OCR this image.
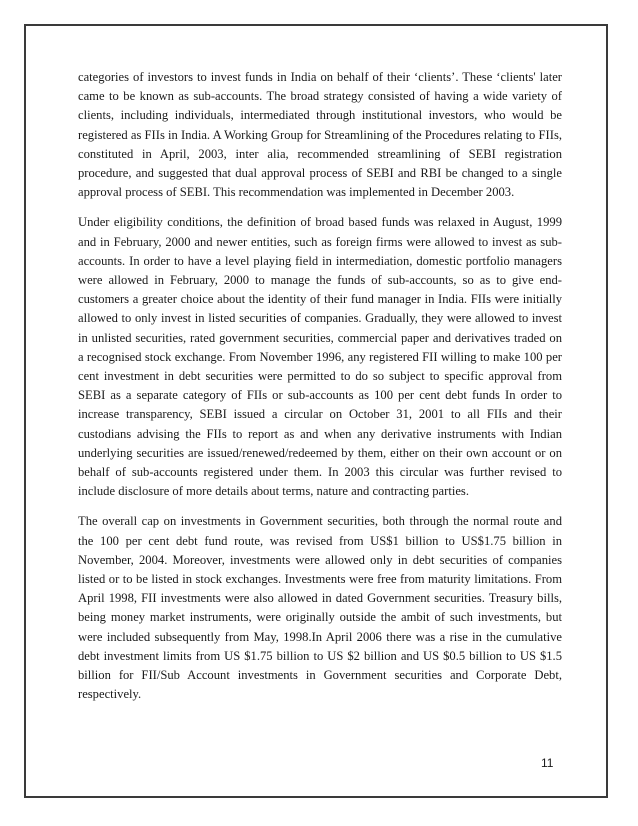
categories of investors to invest funds in India on behalf of their ‘clients’. These ‘clients' later came to be known as sub-accounts. The broad strategy consisted of having a wide variety of clients, including individuals, intermediated through institutional investors, who would be registered as FIIs in India. A Working Group for Streamlining of the Procedures relating to FIIs, constituted in April, 2003, inter alia, recommended streamlining of SEBI registration procedure, and suggested that dual approval process of SEBI and RBI be changed to a single approval process of SEBI. This recommendation was implemented in December 2003.

Under eligibility conditions, the definition of broad based funds was relaxed in August, 1999 and in February, 2000 and newer entities, such as foreign firms were allowed to invest as sub-accounts. In order to have a level playing field in intermediation, domestic portfolio managers were allowed in February, 2000 to manage the funds of sub-accounts, so as to give end-customers a greater choice about the identity of their fund manager in India. FIIs were initially allowed to only invest in listed securities of companies. Gradually, they were allowed to invest in unlisted securities, rated government securities, commercial paper and derivatives traded on a recognised stock exchange. From November 1996, any registered FII willing to make 100 per cent investment in debt securities were permitted to do so subject to specific approval from SEBI as a separate category of FIIs or sub-accounts as 100 per cent debt funds In order to increase transparency, SEBI issued a circular on October 31, 2001 to all FIIs and their custodians advising the FIIs to report as and when any derivative instruments with Indian underlying securities are issued/renewed/redeemed by them, either on their own account or on behalf of sub-accounts registered under them. In 2003 this circular was further revised to include disclosure of more details about terms, nature and contracting parties.

The overall cap on investments in Government securities, both through the normal route and the 100 per cent debt fund route, was revised from US$1 billion to US$1.75 billion in November, 2004. Moreover, investments were allowed only in debt securities of companies listed or to be listed in stock exchanges. Investments were free from maturity limitations. From April 1998, FII investments were also allowed in dated Government securities. Treasury bills, being money market instruments, were originally outside the ambit of such investments, but were included subsequently from May, 1998.In April 2006 there was a rise in the cumulative debt investment limits from US $1.75 billion to US $2 billion and US $0.5 billion to US $1.5 billion for FII/Sub Account investments in Government securities and Corporate Debt, respectively.

11
